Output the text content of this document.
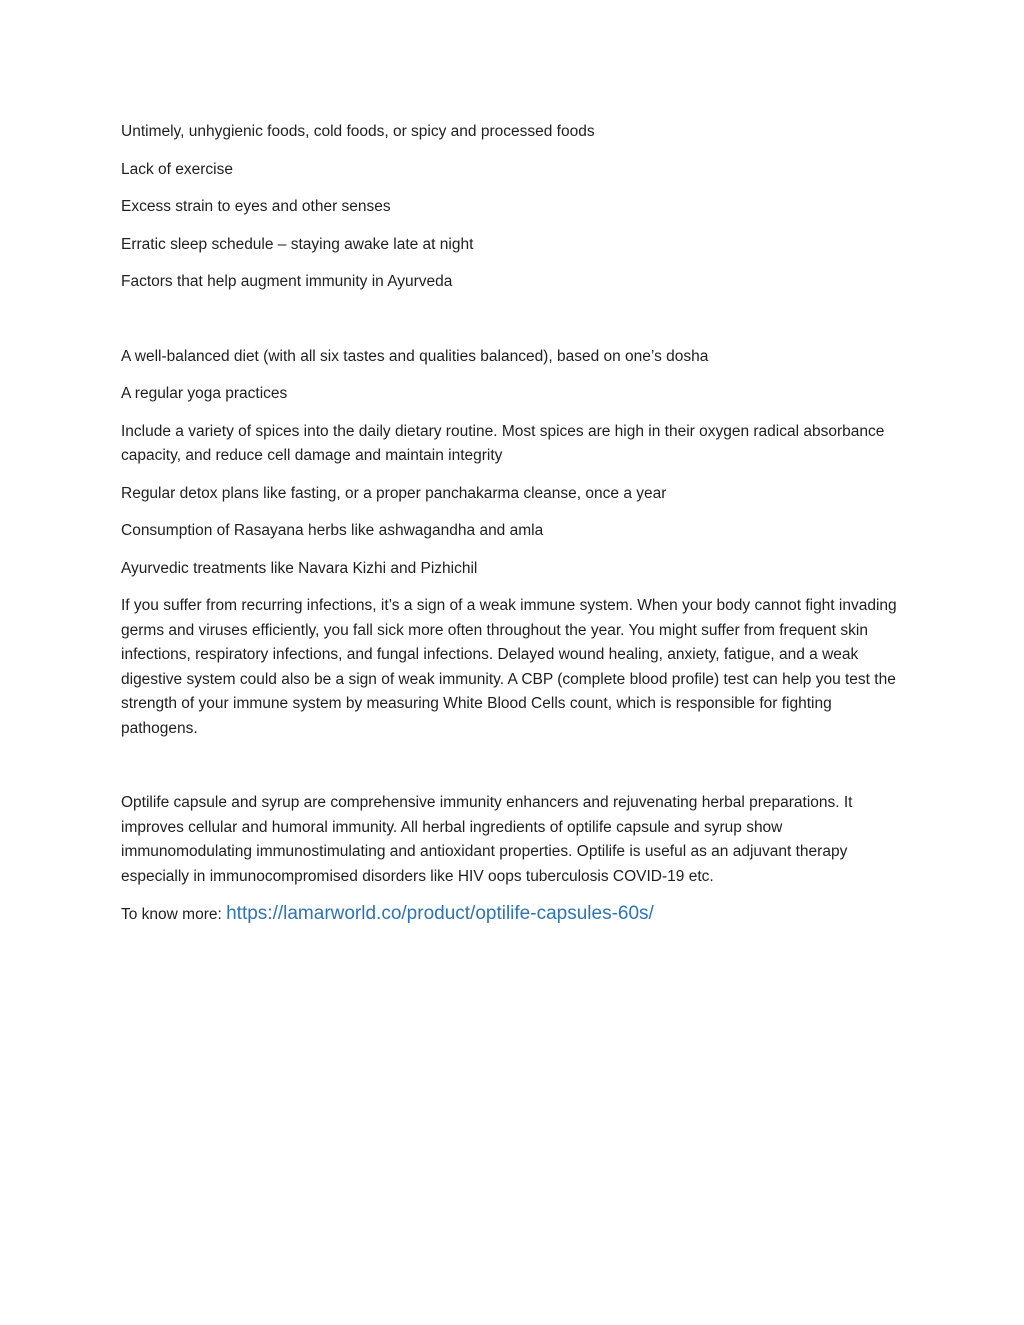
Untimely, unhygienic foods, cold foods, or spicy and processed foods

Lack of exercise

Excess strain to eyes and other senses

Erratic sleep schedule – staying awake late at night

Factors that help augment immunity in Ayurveda

A well-balanced diet (with all six tastes and qualities balanced), based on one’s dosha

A regular yoga practices

Include a variety of spices into the daily dietary routine. Most spices are high in their oxygen radical absorbance capacity, and reduce cell damage and maintain integrity

Regular detox plans like fasting, or a proper panchakarma cleanse, once a year

Consumption of Rasayana herbs like ashwagandha and amla

Ayurvedic treatments like Navara Kizhi and Pizhichil

If you suffer from recurring infections, it’s a sign of a weak immune system. When your body cannot fight invading germs and viruses efficiently, you fall sick more often throughout the year. You might suffer from frequent skin infections, respiratory infections, and fungal infections. Delayed wound healing, anxiety, fatigue, and a weak digestive system could also be a sign of weak immunity. A CBP (complete blood profile) test can help you test the strength of your immune system by measuring White Blood Cells count, which is responsible for fighting pathogens.

Optilife capsule and syrup are comprehensive immunity enhancers and rejuvenating herbal preparations. It improves cellular and humoral immunity. All herbal ingredients of optilife capsule and syrup show immunomodulating immunostimulating and antioxidant properties. Optilife is useful as an adjuvant therapy especially in immunocompromised disorders like HIV oops tuberculosis COVID-19 etc.

To know more: https://lamarworld.co/product/optilife-capsules-60s/
